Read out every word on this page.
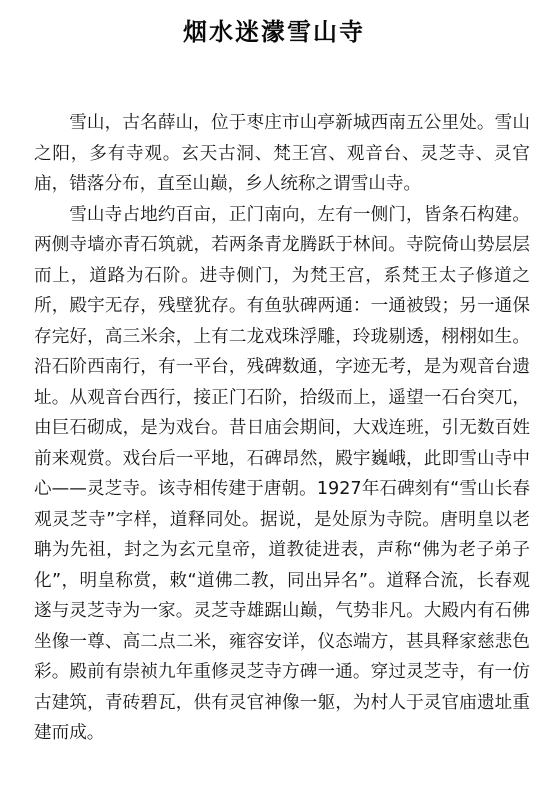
烟水迷濛雪山寺

雪山，古名薛山，位于枣庄市山亭新城西南五公里处。雪山之阳，多有寺观。玄天古洞、梵王宫、观音台、灵芝寺、灵官庙，错落分布，直至山巅，乡人统称之谓雪山寺。

雪山寺占地约百亩，正门南向，左有一侧门，皆条石构建。两侧寺墙亦青石筑就，若两条青龙腾跃于林间。寺院倚山势层层而上，道路为石阶。进寺侧门，为梵王宫，系梵王太子修道之所，殿宇无存，残壁犹存。有鱼驮碑两通：一通被毁；另一通保存完好，高三米余，上有二龙戏珠浮雕，玲珑剔透，栩栩如生。沿石阶西南行，有一平台，残碑数通，字迹无考，是为观音台遗址。从观音台西行，接正门石阶，拾级而上，遥望一石台突兀，由巨石砌成，是为戏台。昔日庙会期间，大戏连班，引无数百姓前来观赏。戏台后一平地，石碑昂然，殿宇巍峨，此即雪山寺中心——灵芝寺。该寺相传建于唐朝。1927年石碑刻有“雪山长春观灵芝寺”字样，道释同处。据说，是处原为寺院。唐明皇以老聃为先祖，封之为玄元皇帝，道教徒进表，声称“佛为老子弟子化”，明皇称赏，敕“道佛二教，同出异名”。道释合流，长春观遂与灵芝寺为一家。灵芝寺雄踞山巅，气势非凡。大殿内有石佛坐像一尊、高二点二米，雍容安详，仪态端方，甚具释家慈悲色彩。殿前有崇祯九年重修灵芝寺方碑一通。穿过灵芝寺，有一仿古建筑，青砖碧瓦，供有灵官神像一躯，为村人于灵官庙遗址重建而成。
